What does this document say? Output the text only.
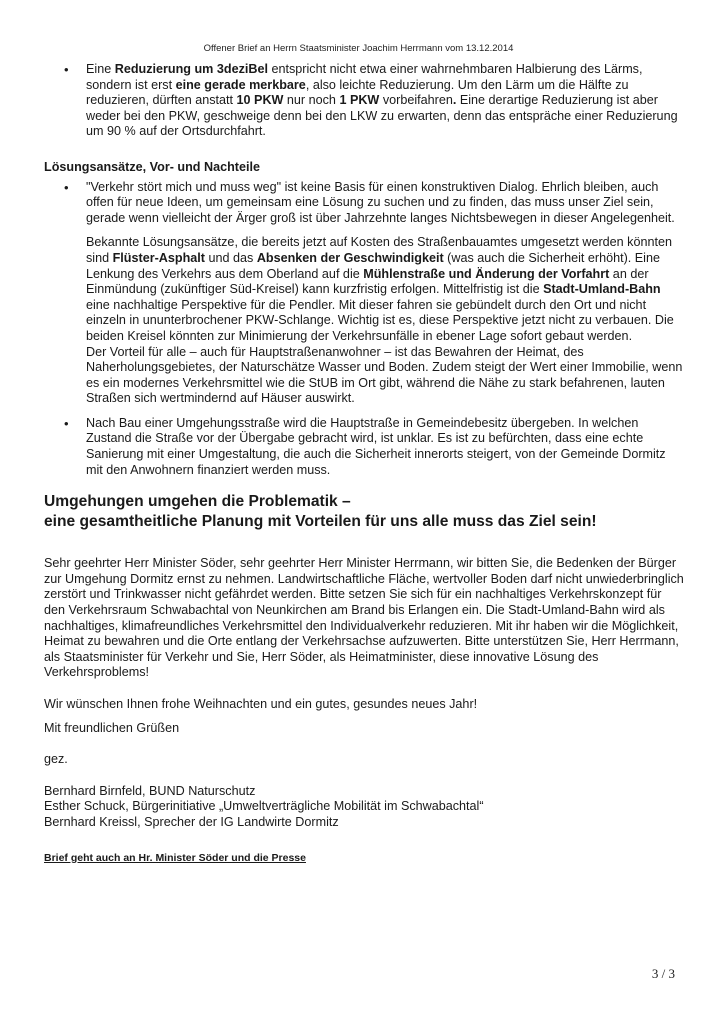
Offener Brief an Herrn Staatsminister Joachim Herrmann vom 13.12.2014
• Eine Reduzierung um 3deziBel entspricht nicht etwa einer wahrnehmbaren Halbierung des Lärms, sondern ist erst eine gerade merkbare, also leichte Reduzierung. Um den Lärm um die Hälfte zu reduzieren, dürften anstatt 10 PKW nur noch 1 PKW vorbeifahren. Eine derartige Reduzierung ist aber weder bei den PKW, geschweige denn bei den LKW zu erwarten, denn das entspräche einer Reduzierung um 90 % auf der Ortsdurchfahrt.
Lösungsansätze, Vor- und Nachteile

• "Verkehr stört mich und muss weg" ist keine Basis für einen konstruktiven Dialog. Ehrlich bleiben, auch offen für neue Ideen, um gemeinsam eine Lösung zu suchen und zu finden, das muss unser Ziel sein, gerade wenn vielleicht der Ärger groß ist über Jahrzehnte langes Nichtsbewegen in dieser Angelegenheit.

Bekannte Lösungsansätze, die bereits jetzt auf Kosten des Straßenbauamtes umgesetzt werden könnten sind Flüster-Asphalt und das Absenken der Geschwindigkeit (was auch die Sicherheit erhöht). Eine Lenkung des Verkehrs aus dem Oberland auf die Mühlenstraße und Änderung der Vorfahrt an der Einmündung (zukünftiger Süd-Kreisel) kann kurzfristig erfolgen. Mittelfristig ist die Stadt-Umland-Bahn eine nachhaltige Perspektive für die Pendler. Mit dieser fahren sie gebündelt durch den Ort und nicht einzeln in ununterbrochener PKW-Schlange. Wichtig ist es, diese Perspektive jetzt nicht zu verbauen. Die beiden Kreisel könnten zur Minimierung der Verkehrsunfälle in ebener Lage sofort gebaut werden.

Der Vorteil für alle – auch für Hauptstraßenanwohner – ist das Bewahren der Heimat, des Naherholungsgebietes, der Naturschätze Wasser und Boden. Zudem steigt der Wert einer Immobilie, wenn es ein modernes Verkehrsmittel wie die StUB im Ort gibt, während die Nähe zu stark befahrenen, lauten Straßen sich wertmindernd auf Häuser auswirkt.

• Nach Bau einer Umgehungsstraße wird die Hauptstraße in Gemeindebesitz übergeben. In welchen Zustand die Straße vor der Übergabe gebracht wird, ist unklar. Es ist zu befürchten, dass eine echte Sanierung mit einer Umgestaltung, die auch die Sicherheit innerorts steigert, von der Gemeinde Dormitz mit den Anwohnern finanziert werden muss.
Umgehungen umgehen die Problematik –
eine gesamtheitliche Planung mit Vorteilen für uns alle muss das Ziel sein!

Sehr geehrter Herr Minister Söder, sehr geehrter Herr Minister Herrmann, wir bitten Sie, die Bedenken der Bürger zur Umgehung Dormitz ernst zu nehmen. Landwirtschaftliche Fläche, wertvoller Boden darf nicht unwiederbringlich zerstört und Trinkwasser nicht gefährdet werden. Bitte setzen Sie sich für ein nachhaltiges Verkehrskonzept für den Verkehrsraum Schwabachtal von Neunkirchen am Brand bis Erlangen ein. Die Stadt-Umland-Bahn wird als nachhaltiges, klimafreundliches Verkehrsmittel den Individualverkehr reduzieren. Mit ihr haben wir die Möglichkeit, Heimat zu bewahren und die Orte entlang der Verkehrsachse aufzuwerten. Bitte unterstützen Sie, Herr Herrmann, als Staatsminister für Verkehr und Sie, Herr Söder, als Heimatminister, diese innovative Lösung des Verkehrsproblems!

Wir wünschen Ihnen frohe Weihnachten und ein gutes, gesundes neues Jahr!

Mit freundlichen Grüßen

gez.

Bernhard Birnfeld, BUND Naturschutz
Esther Schuck, Bürgerinitiative „Umweltverträgliche Mobilität im Schwabachtal“
Bernhard Kreissl, Sprecher der IG Landwirte Dormitz
Brief geht auch an Hr. Minister Söder und die Presse
3 / 3
